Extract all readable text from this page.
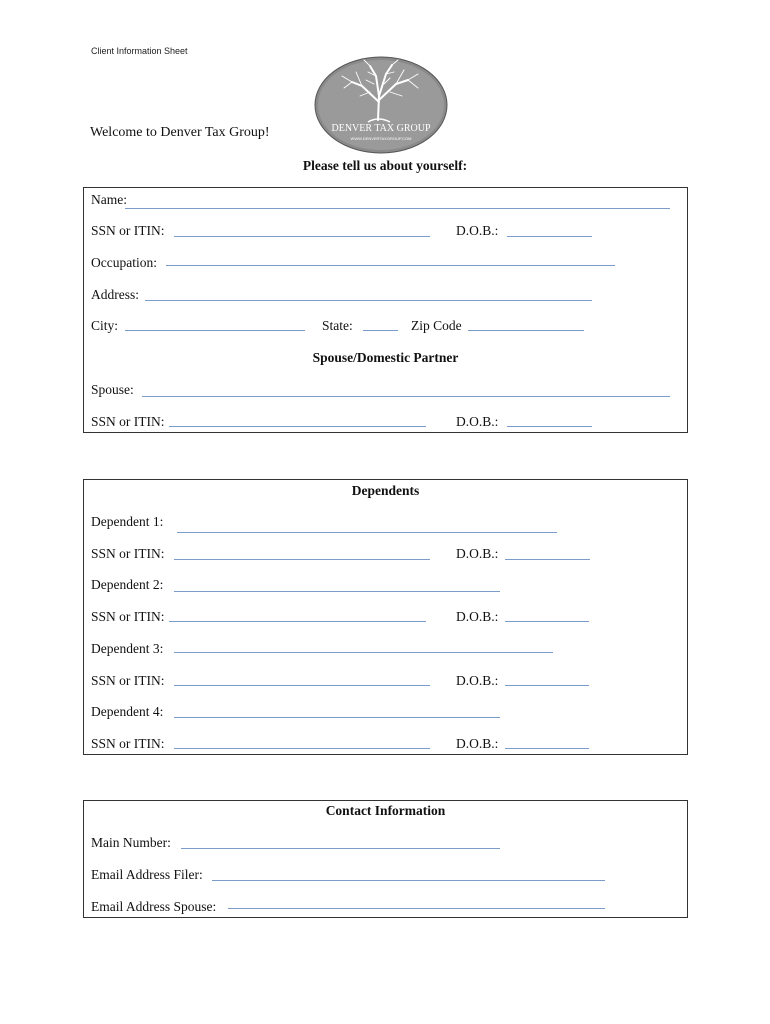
Client Information Sheet
DENVER TAX GROUP
WWW.DENVERTAXGROUP.COM
Welcome to Denver Tax Group!
Please tell us about yourself:
Name:
SSN or ITIN:	D.O.B.:
Occupation:
Address:
City:	State:	Zip Code
Spouse/Domestic Partner
Spouse:
SSN or ITIN:	D.O.B.:
Dependents
Dependent 1:
SSN or ITIN:	D.O.B.:
Dependent 2:
SSN or ITIN:	D.O.B.:
Dependent 3:
SSN or ITIN:	D.O.B.:
Dependent 4:
SSN or ITIN:	D.O.B.:
Contact Information
Main Number:
Email Address Filer:
Email Address Spouse:
